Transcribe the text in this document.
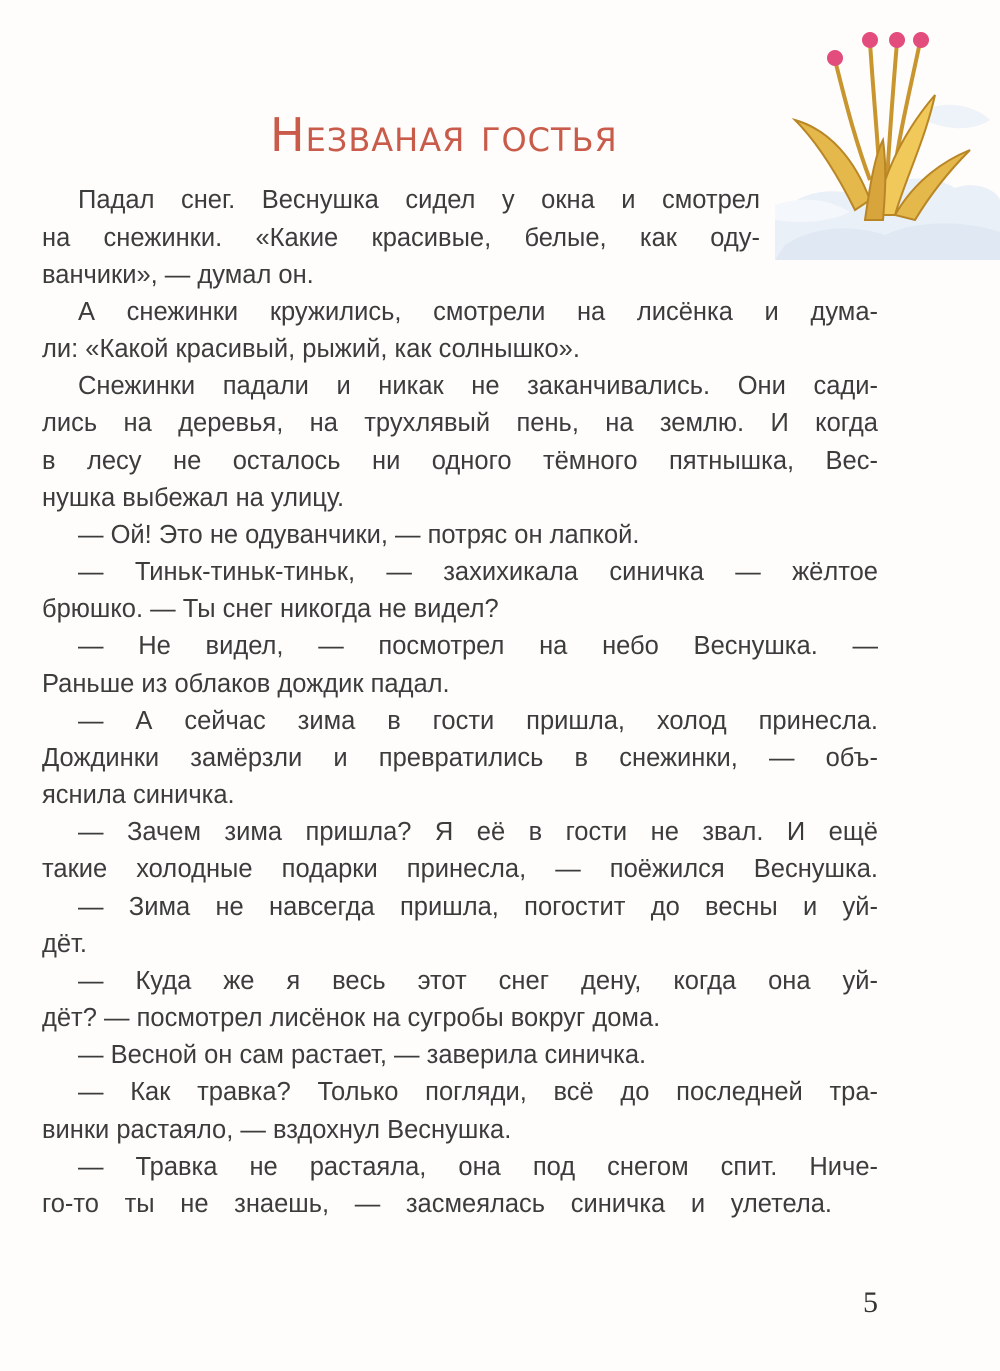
Незваная гостья
Падал снег. Веснушка сидел у окна и смотрел
на снежинки. «Какие красивые, белые, как оду-
ванчики», — думал он.
А снежинки кружились, смотрели на лисёнка и дума-
ли: «Какой красивый, рыжий, как солнышко».
Снежинки падали и никак не заканчивались. Они сади-
лись на деревья, на трухлявый пень, на землю. И когда
в лесу не осталось ни одного тёмного пятнышка, Вес-
нушка выбежал на улицу.
— Ой! Это не одуванчики, — потряс он лапкой.
— Тиньк-тиньк-тиньк, — захихикала синичка — жёлтое
брюшко. — Ты снег никогда не видел?
— Не видел, — посмотрел на небо Веснушка. —
Раньше из облаков дождик падал.
— А сейчас зима в гости пришла, холод принесла.
Дождинки замёрзли и превратились в снежинки, — объ-
яснила синичка.
— Зачем зима пришла? Я её в гости не звал. И ещё
такие холодные подарки принесла, — поёжился Веснушка.
— Зима не навсегда пришла, погостит до весны и уй-
дёт.
— Куда же я весь этот снег дену, когда она уй-
дёт? — посмотрел лисёнок на сугробы вокруг дома.
— Весной он сам растает, — заверила синичка.
— Как травка? Только погляди, всё до последней тра-
винки растаяло, — вздохнул Веснушка.
— Травка не растаяла, она под снегом спит. Ниче-
го-то ты не знаешь, — засмеялась синичка и улетела.
5
